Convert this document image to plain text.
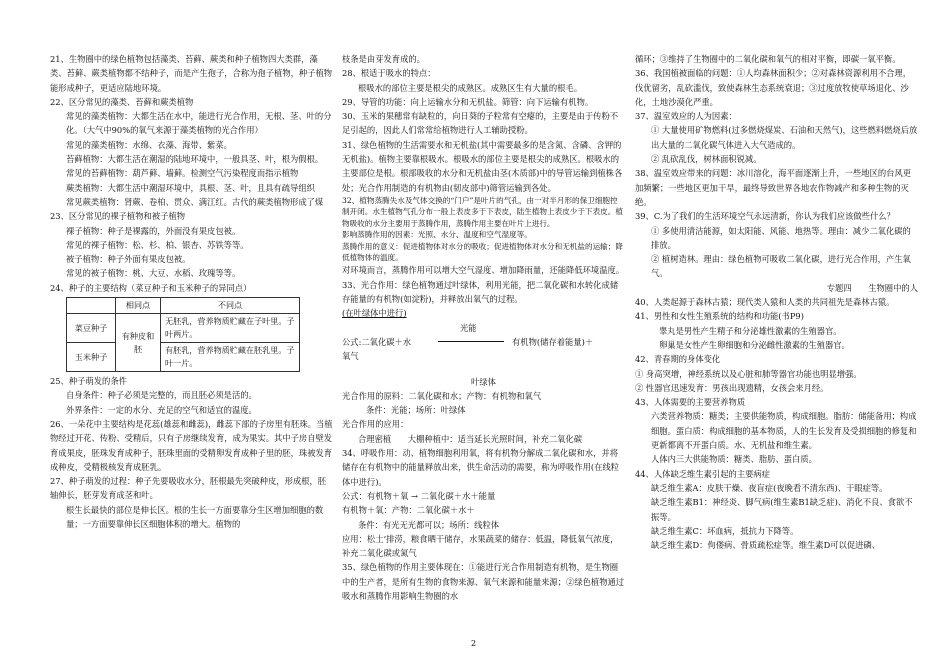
21、生物圈中的绿色植物包括藻类、苔藓、蕨类和种子植物四大类群，藻类、苔藓、蕨类植物都不结种子，而是产生孢子，合称为孢子植物，种子植物能形成种子，更适应陆地环境。

22、区分常见的藻类、苔藓和蕨类植物

常见的藻类植物：大都生活在水中，能进行光合作用，无根、茎、叶的分化。（大气中90%的氧气来源于藻类植物的光合作用）

常见的藻类植物：水绵、衣藻、海带、紫菜。

苔藓植物：大都生活在潮湿的陆地环境中，一般具茎、叶，根为假根。

常见的苔藓植物：葫芦藓、墙藓。检测空气污染程度而指示植物

蕨类植物：大都生活中潮湿环境中，具根、茎、叶，且具有疏导组织

常见蕨类植物：肾蕨、卷柏、贯众、满江红。古代的蕨类植物形成了煤

23、区分常见的裸子植物和被子植物

裸子植物：种子是裸露的，外面没有果皮包被。

常见的裸子植物：松、杉、柏、银杏、苏铁等等。

被子植物：种子外面有果皮包被。

常见的被子植物：桃、大豆、水稻、玫瑰等等。

24、种子的主要结构（菜豆种子和玉米种子的异同点）

	相同点	不同点
菜豆种子	有种皮和胚	无胚乳，营养物质贮藏在子叶里。子叶两片。
玉米种子		有胚乳，营养物质贮藏在胚乳里。子叶一片。

25、种子萌发的条件

自身条件：种子必须是完整的，而且胚必须是活的。

外界条件：一定的水分、充足的空气和适宜的温度。

26、一朵花中主要结构是花蕊(雄蕊和雌蕊)，雌蕊下部的子房里有胚珠。当植物经过开花、传粉、受精后，只有子房继续发育，成为果实。其中子房自壁发育成果皮，胚珠发育成种子，胚珠里面的受精卵发育成种子里的胚，珠被发育成种皮，受精极核发育成胚乳。

27、种子萌发的过程：种子先要吸收水分，胚根最先突破种皮，形成根，胚轴伸长，胚芽发育成茎和叶。

根生长最快的部位是伸长区。根的生长一方面要靠分生区增加细胞的数量；一方面要靠伸长区细胞体积的增大。植物的

枝条是由芽发育成的。

28、根适于吸水的特点：

根吸水的部位主要是根尖的成熟区。成熟区生有大量的根毛。

29、导管的功能：向上运输水分和无机盐。筛管：向下运输有机物。

30、玉米的果穗常有缺粒的，向日葵的子粒常有空瘪的，主要是由于传粉不足引起的，因此人们常常给植物进行人工辅助授粉。

31、绿色植物的生活需要水和无机盐(其中需要最多的是含氮、含磷、含钾的无机盐)。植物主要靠根吸水。根吸水的部位主要是根尖的成熟区。根吸水的主要部位是根。根部吸收的水分和无机盐由茎(木质部)中的导管运输到植株各处；光合作用制造的有机物由(韧皮部中)筛管运输到各处。

32、植物蒸腾失水及气体交换的“门户”是叶片的气孔，由一对半月形的保卫细胞控制开闭。水生植物气孔分布一般上表皮多于下表皮，陆生植物上表皮少于下表皮。植物吸收的水分主要用于蒸腾作用，蒸腾作用主要在叶片上进行。

影响蒸腾作用的因素：光照、水分、温度和空气湿度等。

蒸腾作用的意义：促进植物体对水分的吸收；促进植物体对水分和无机盐的运输；降低植物体的温度。

对环境而言，蒸腾作用可以增大空气湿度、增加降雨量，还能降低环境温度。

33、光合作用：绿色植物通过叶绿体，利用光能，把二氧化碳和水转化成储存能量的有机物(如淀粉)，并释放出氧气的过程。

(在叶绿体中进行)

光能
公式:二氧化碳＋水	有机物(储存着能量)＋
氧气

叶绿体

光合作用的原料：二氧化碳和水；产物：有机物和氧气

条件：光能；场所：叶绿体

光合作用的应用：

合理密植　　大棚种植中：适当延长光照时间，补充二氧化碳

34、呼吸作用：动、植物细胞利用氧，将有机物分解成二氧化碳和水，并将储存在有机物中的能量释放出来，供生命活动的需要，称为呼吸作用(在线粒体中进行)。

公式：有机物＋氧 → 二氧化碳＋水＋能量

有机物＋氧：产物：二氧化碳＋水＋

条件：有光无光都可以；场所：线粒体

应用：松土‘排涝，粮食晒干储存，水果蔬菜的储存：低温，降低氧气浓度，补充二氧化碳或氮气

35、绿色植物的作用主要体现在：①能进行光合作用制造有机物，是生物圈中的生产者，是所有生物的食物来源、氧气来源和能量来源；②绿色植物通过吸水和蒸腾作用影响生物圈的水

循环；③维持了生物圈中的二氧化碳和氧气的相对平衡，即碳一氧平衡。

36、我国植被面临的问题：①人均森林面积少；②对森林资源利用不合理，伐优留劣，乱砍滥伐，致使森林生态系统衰退；③过度放牧使草场退化、沙化，土地沙漠化严重。

37、温室效应的人为因素：

① 大量使用矿物燃料(过多燃烧煤炭、石油和天然气)，这些燃料燃烧后放出大量的二氧化碳气体进入大气造成的。

② 乱砍乱伐，树林面积锐减。

38、温室效应带来的问题：冰川溶化，海平面逐渐上升，一些地区的台风更加频繁；一些地区更加干旱，最终导致世界各地农作物减产和多种生物的灭绝。

39、C.为了我们的生活环境空气永远清新，你认为我们应该做些什么？

① 多使用清洁能源，如太阳能、风能、地热等。理由：减少二氧化碳的排放。

② 植树造林。理由：绿色植物可吸收二氧化碳，进行光合作用，产生氧气。

专题四　　生物圈中的人

40、人类起源于森林古猿；现代类人猿和人类的共同祖先是森林古猿。

41、男性和女性生殖系统的结构和功能(书P9)

睾丸是男性产生精子和分泌雄性激素的生殖器官。

卵巢是女性产生卵细胞和分泌雌性激素的生殖器官。

42、青春期的身体变化

① 身高突增，神经系统以及心脏和肺等器官功能也明显增强。

② 性器官迅速发育：男孩出现遗精，女孩会来月经。

43、人体需要的主要营养物质

六类营养物质：糖类；主要供能物质，构成细胞。脂肪：储能备用；构成细胞。蛋白质：构成细胞的基本物质，人的生长发育及受损细胞的修复和更新都离不开蛋白质。水、无机盐和维生素。

人体内三大供能物质：糖类、脂肪、蛋白质。

44、人体缺乏维生素引起的主要病症

缺乏维生素A：皮肤干燥、夜盲症(夜晚看不清东西)、干眼症等。

缺乏维生素B1：神经炎、脚气病(维生素B1缺乏症)、消化不良、食欲不振等。

缺乏维生素C：坏血病，抵抗力下降等。

缺乏维生素D：佝偻病、骨质疏松症等。维生素D可以促进磷、

2
